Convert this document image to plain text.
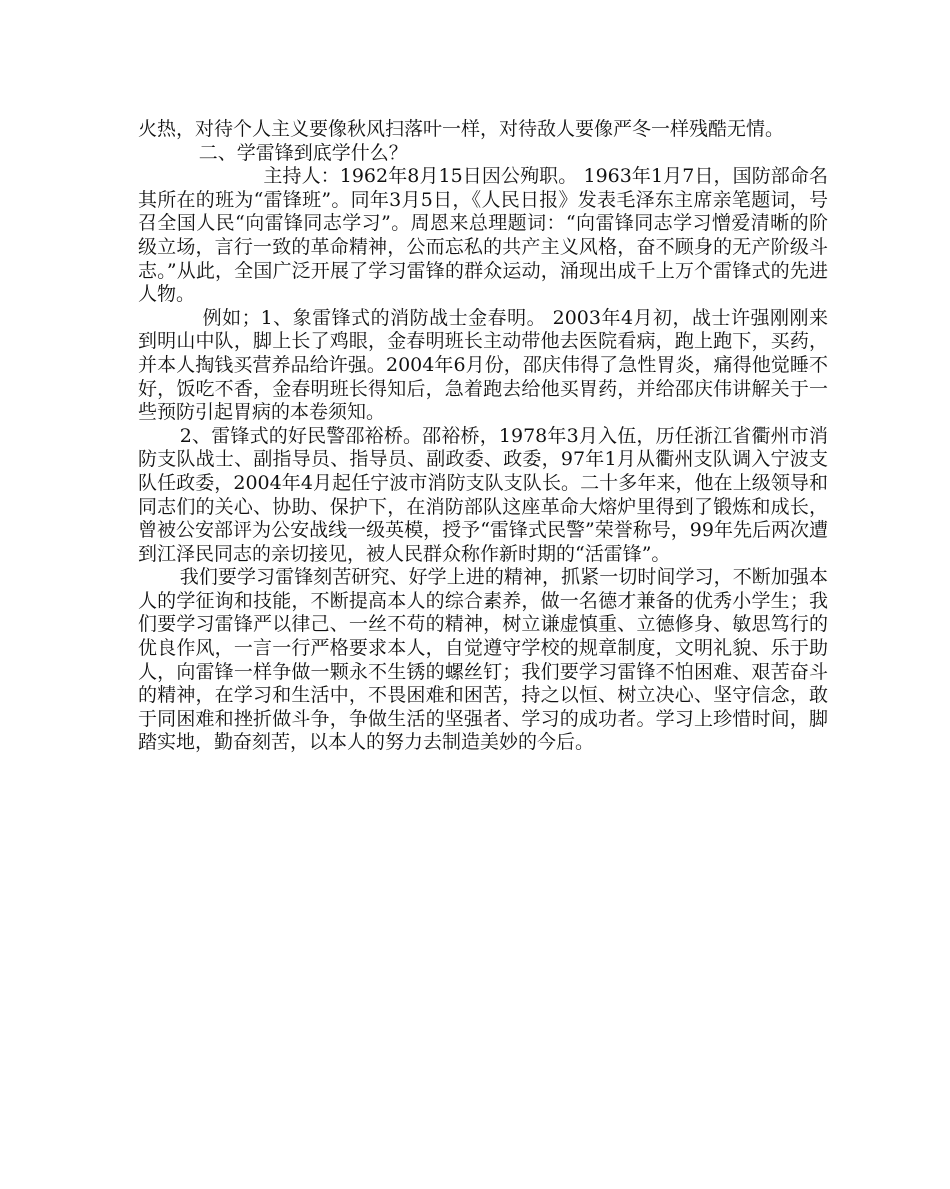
火热，对待个人主义要像秋风扫落叶一样，对待敌人要像严冬一样残酷无情。

二、学雷锋到底学什么？

主持人：1962年8月15日因公殉职。 1963年1月7日，国防部命名其所在的班为“雷锋班”。同年3月5日，《人民日报》发表毛泽东主席亲笔题词，号召全国人民“向雷锋同志学习”。周恩来总理题词：“向雷锋同志学习憎爱清晰的阶级立场，言行一致的革命精神，公而忘私的共产主义风格，奋不顾身的无产阶级斗志。”从此，全国广泛开展了学习雷锋的群众运动，涌现出成千上万个雷锋式的先进人物。

例如；1、象雷锋式的消防战士金春明。 2003年4月初，战士许强刚刚来到明山中队，脚上长了鸡眼，金春明班长主动带他去医院看病，跑上跑下，买药，并本人掏钱买营养品给许强。2004年6月份，邵庆伟得了急性胃炎，痛得他觉睡不好，饭吃不香，金春明班长得知后，急着跑去给他买胃药，并给邵庆伟讲解关于一些预防引起胃病的本卷须知。

2、雷锋式的好民警邵裕桥。邵裕桥，1978年3月入伍，历任浙江省衢州市消防支队战士、副指导员、指导员、副政委、政委，97年1月从衢州支队调入宁波支队任政委，2004年4月起任宁波市消防支队支队长。二十多年来，他在上级领导和同志们的关心、协助、保护下，在消防部队这座革命大熔炉里得到了锻炼和成长，曾被公安部评为公安战线一级英模，授予“雷锋式民警”荣誉称号，99年先后两次遭到江泽民同志的亲切接见，被人民群众称作新时期的“活雷锋”。

我们要学习雷锋刻苦研究、好学上进的精神，抓紧一切时间学习，不断加强本人的学征询和技能，不断提高本人的综合素养，做一名德才兼备的优秀小学生；我们要学习雷锋严以律己、一丝不苟的精神，树立谦虚慎重、立德修身、敏思笃行的优良作风，一言一行严格要求本人，自觉遵守学校的规章制度，文明礼貌、乐于助人，向雷锋一样争做一颗永不生锈的螺丝钉；我们要学习雷锋不怕困难、艰苦奋斗的精神，在学习和生活中，不畏困难和困苦，持之以恒、树立决心、坚守信念，敢于同困难和挫折做斗争，争做生活的坚强者、学习的成功者。学习上珍惜时间，脚踏实地，勤奋刻苦，以本人的努力去制造美妙的今后。
